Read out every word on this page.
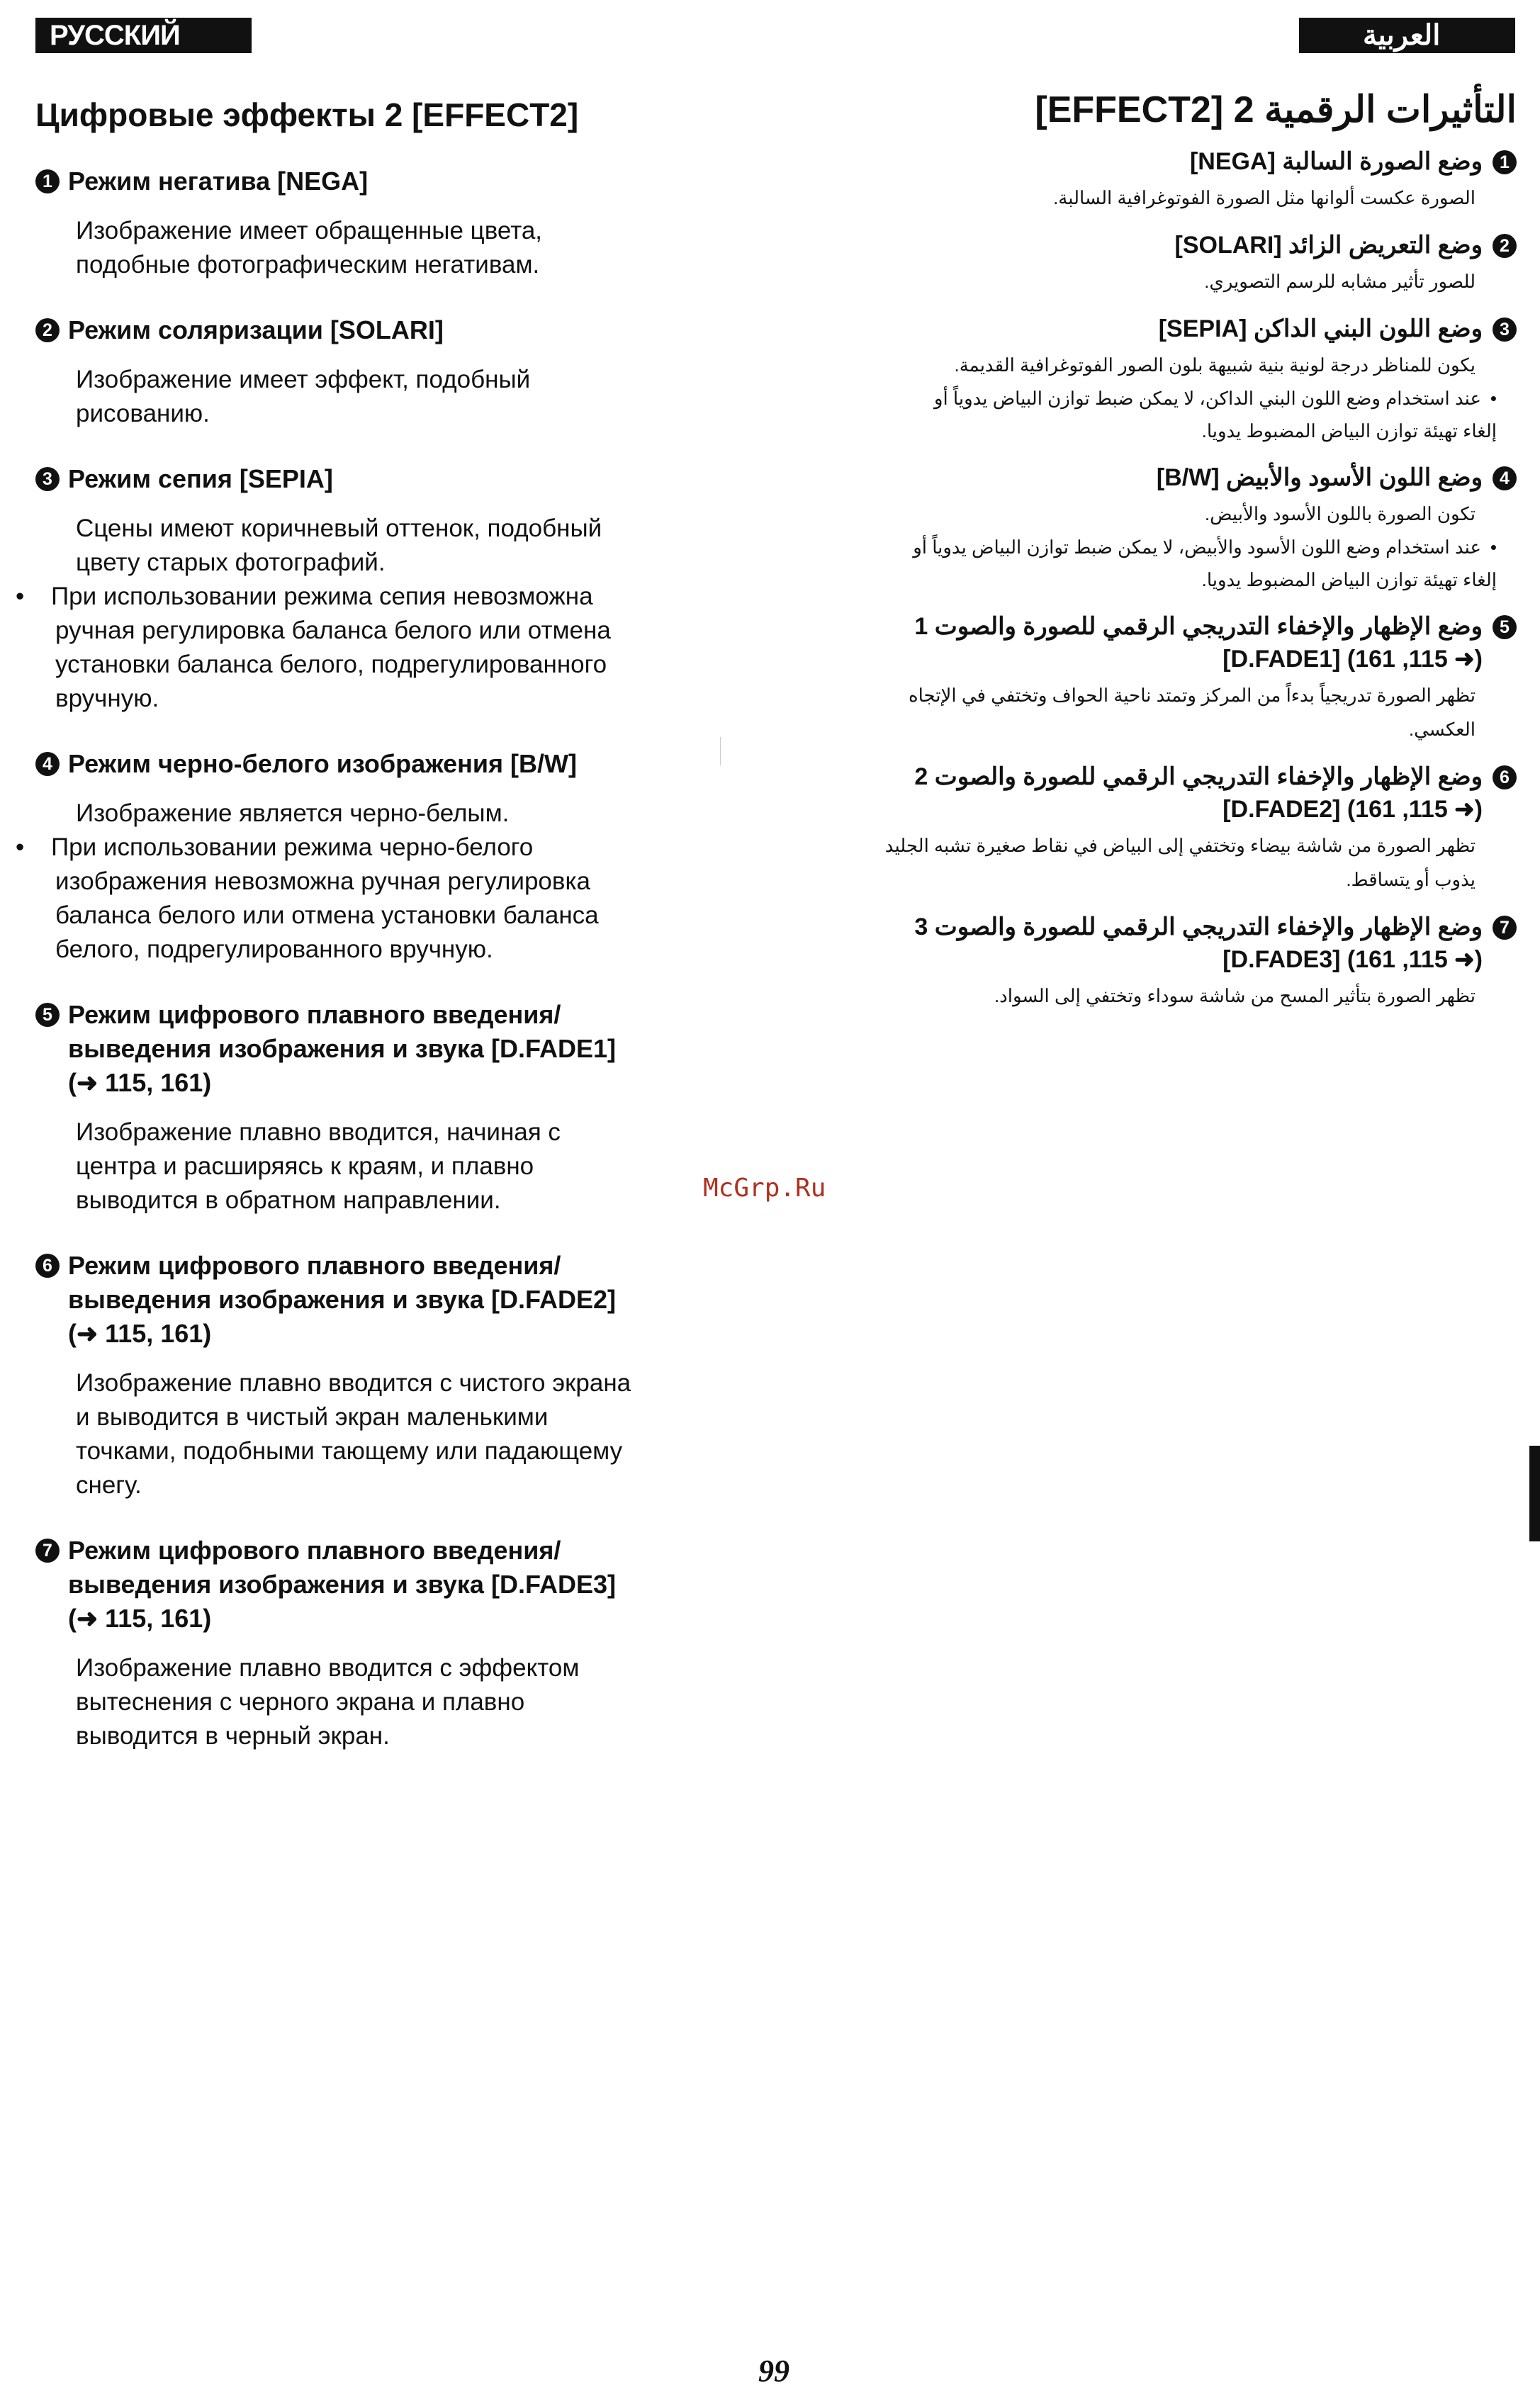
РУССКИЙ ЯЗЫК
العربية
Цифровые эффекты 2 [EFFECT2]
1 Режим негатива [NEGA]
Изображение имеет обращенные цвета,
подобные фотографическим негативам.
2 Режим соляризации [SOLARI]
Изображение имеет эффект, подобный
рисованию.
3 Режим сепия [SEPIA]
Сцены имеют коричневый оттенок, подобный
цвету старых фотографий.
• При использовании режима сепия невозможна
ручная регулировка баланса белого или отмена
установки баланса белого, подрегулированного
вручную.
4 Режим черно-белого изображения [B/W]
Изображение является черно-белым.
• При использовании режима черно-белого
изображения невозможна ручная регулировка
баланса белого или отмена установки баланса
белого, подрегулированного вручную.
5 Режим цифрового плавного введения/
выведения изображения и звука [D.FADE1]
(➜ 115, 161)
Изображение плавно вводится, начиная с
центра и расширяясь к краям, и плавно
выводится в обратном направлении.
6 Режим цифрового плавного введения/
выведения изображения и звука [D.FADE2]
(➜ 115, 161)
Изображение плавно вводится с чистого экрана
и выводится в чистый экран маленькими
точками, подобными тающему или падающему
снегу.
7 Режим цифрового плавного введения/
выведения изображения и звука [D.FADE3]
(➜ 115, 161)
Изображение плавно вводится с эффектом
вытеснения с черного экрана и плавно
выводится в черный экран.
التأثيرات الرقمية 2 [EFFECT2]
1
وضع الصورة السالبة [NEGA]
الصورة عكست ألوانها مثل الصورة الفوتوغرافية السالبة.
2
وضع التعريض الزائد [SOLARI]
للصور تأثير مشابه للرسم التصويري.
3
وضع اللون البني الداكن [SEPIA]
يكون للمناظر درجة لونية بنية شبيهة بلون الصور الفوتوغرافية القديمة.
•عند استخدام وضع اللون البني الداكن، لا يمكن ضبط توازن البياض يدوياً أو
إلغاء تهيئة توازن البياض المضبوط يدويا.
4
وضع اللون الأسود والأبيض [B/W]
تكون الصورة باللون الأسود والأبيض.
•عند استخدام وضع اللون الأسود والأبيض، لا يمكن ضبط توازن البياض يدوياً أو
إلغاء تهيئة توازن البياض المضبوط يدويا.
5
وضع الإظهار والإخفاء التدريجي الرقمي للصورة والصوت 1
(➜ 115, 161) [D.FADE1]
تظهر الصورة تدريجياً بدءاً من المركز وتمتد ناحية الحواف وتختفي في الإتجاه
العكسي.
6
وضع الإظهار والإخفاء التدريجي الرقمي للصورة والصوت 2
(➜ 115, 161) [D.FADE2]
تظهر الصورة من شاشة بيضاء وتختفي إلى البياض في نقاط صغيرة تشبه الجليد
يذوب أو يتساقط.
7
وضع الإظهار والإخفاء التدريجي الرقمي للصورة والصوت 3
(➜ 115, 161) [D.FADE3]
تظهر الصورة بتأثير المسح من شاشة سوداء وتختفي إلى السواد.
McGrp.Ru
99
